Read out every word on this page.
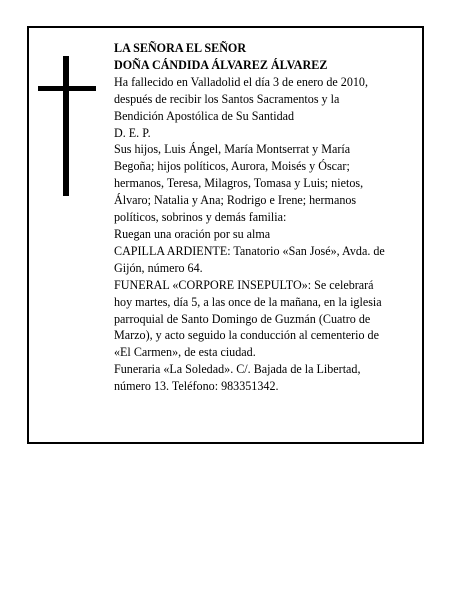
LA SEÑORA EL SEÑOR
DOÑA CÁNDIDA ÁLVAREZ ÁLVAREZ
Ha fallecido en Valladolid el día 3 de enero de 2010,
después de recibir los Santos Sacramentos y la
Bendición Apostólica de Su Santidad
D. E. P.
Sus hijos, Luis Ángel, María Montserrat y María
Begoña; hijos políticos, Aurora, Moisés y Óscar;
hermanos, Teresa, Milagros, Tomasa y Luis; nietos,
Álvaro; Natalia y Ana; Rodrigo e Irene; hermanos
políticos, sobrinos y demás familia:
Ruegan una oración por su alma
CAPILLA ARDIENTE: Tanatorio «San José», Avda. de
Gijón, número 64.
FUNERAL «CORPORE INSEPULTO»: Se celebrará
hoy martes, día 5, a las once de la mañana, en la iglesia
parroquial de Santo Domingo de Guzmán (Cuatro de
Marzo), y acto seguido la conducción al cementerio de
«El Carmen», de esta ciudad.
Funeraria «La Soledad». C/. Bajada de la Libertad,
número 13. Teléfono: 983351342.
